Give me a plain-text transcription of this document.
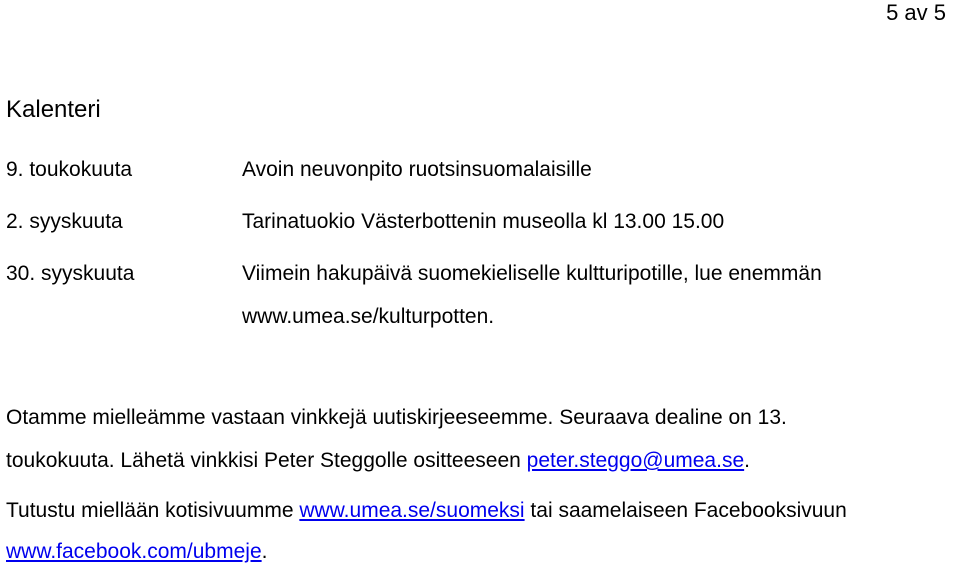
5 av 5
Kalenteri
9. toukokuuta	Avoin neuvonpito ruotsinsuomalaisille
2. syyskuuta	Tarinatuokio Västerbottenin museolla kl 13.00 15.00
30. syyskuuta	Viimein hakupäivä suomekieliselle kultturipotille, lue enemmän
www.umea.se/kulturpotten.
Otamme mielleämme vastaan vinkkejä uutiskirjeeseemme. Seuraava dealine on 13.
toukokuuta. Lähetä vinkkisi Peter Steggolle ositteeseen peter.steggo@umea.se.
Tutustu miellään kotisivuumme www.umea.se/suomeksi tai saamelaiseen Facebooksivuun
www.facebook.com/ubmeje.
